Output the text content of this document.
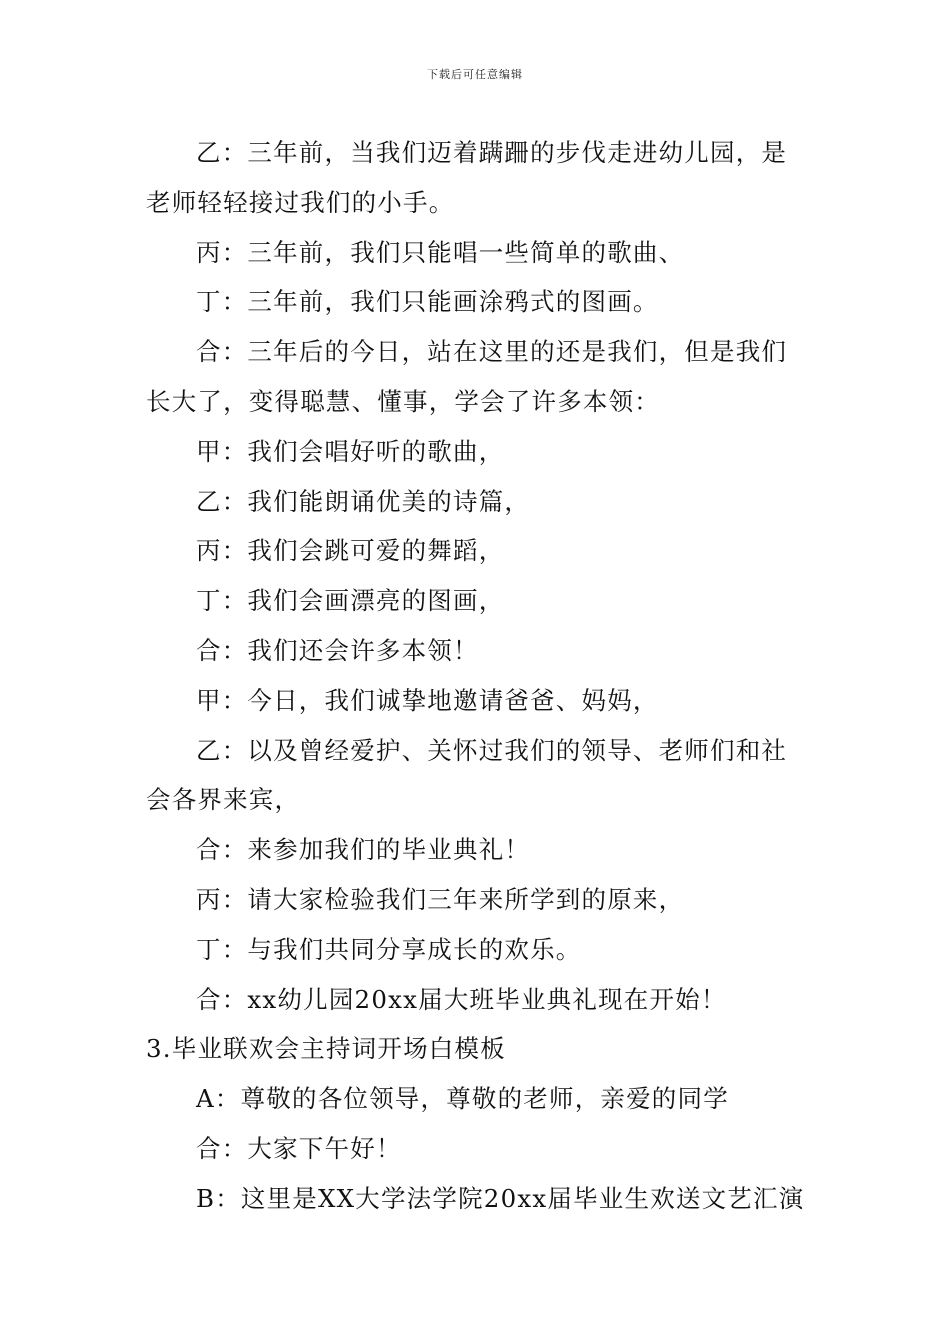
下载后可任意编辑

乙：三年前，当我们迈着蹒跚的步伐走进幼儿园，是

老师轻轻接过我们的小手。

丙：三年前，我们只能唱一些简单的歌曲、

丁：三年前，我们只能画涂鸦式的图画。

合：三年后的今日，站在这里的还是我们，但是我们

长大了，变得聪慧、懂事，学会了许多本领：

甲：我们会唱好听的歌曲，

乙：我们能朗诵优美的诗篇，

丙：我们会跳可爱的舞蹈，

丁：我们会画漂亮的图画，

合：我们还会许多本领！

甲：今日，我们诚挚地邀请爸爸、妈妈，

乙：以及曾经爱护、关怀过我们的领导、老师们和社

会各界来宾，

合：来参加我们的毕业典礼！

丙：请大家检验我们三年来所学到的原来，

丁：与我们共同分享成长的欢乐。

合：xx幼儿园20xx届大班毕业典礼现在开始！

3.毕业联欢会主持词开场白模板

A：尊敬的各位领导，尊敬的老师，亲爱的同学

合：大家下午好！

B：这里是XX大学法学院20xx届毕业生欢送文艺汇演
